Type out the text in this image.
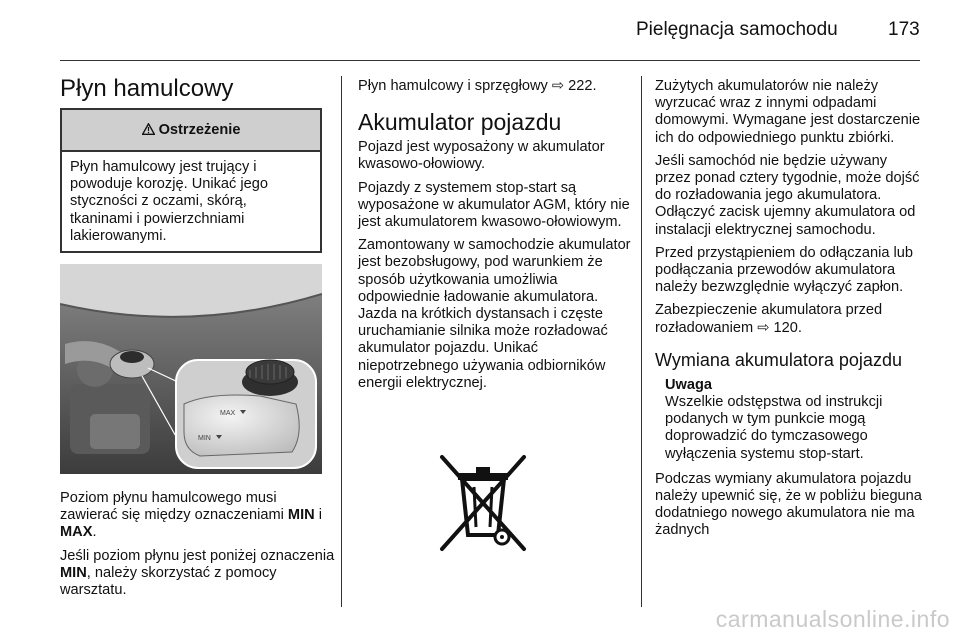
Pielęgnacja samochodu	173
Płyn hamulcowy
Ostrzeżenie
Płyn hamulcowy jest trujący i powoduje korozję. Unikać jego styczności z oczami, skórą, tkaninami i powierzchniami lakierowanymi.
MAX
MIN

Poziom płynu hamulcowego musi zawierać się między oznaczeniami MIN i MAX.

Jeśli poziom płynu jest poniżej oznaczenia MIN, należy skorzystać z pomocy warsztatu.

Płyn hamulcowy i sprzęgłowy ⇨ 222.

Akumulator pojazdu

Pojazd jest wyposażony w akumulator kwasowo-ołowiowy.

Pojazdy z systemem stop-start są wyposażone w akumulator AGM, który nie jest akumulatorem kwasowo-ołowiowym.

Zamontowany w samochodzie akumulator jest bezobsługowy, pod warunkiem że sposób użytkowania umożliwia odpowiednie ładowanie akumulatora. Jazda na krótkich dystansach i częste uruchamianie silnika może rozładować akumulator pojazdu. Unikać niepotrzebnego używania odbiorników energii elektrycznej.

Zużytych akumulatorów nie należy wyrzucać wraz z innymi odpadami domowymi. Wymagane jest dostarczenie ich do odpowiedniego punktu zbiórki.

Jeśli samochód nie będzie używany przez ponad cztery tygodnie, może dojść do rozładowania jego akumulatora. Odłączyć zacisk ujemny akumulatora od instalacji elektrycznej samochodu.

Przed przystąpieniem do odłączania lub podłączania przewodów akumulatora należy bezwzględnie wyłączyć zapłon.

Zabezpieczenie akumulatora przed rozładowaniem ⇨ 120.

Wymiana akumulatora pojazdu
Uwaga
Wszelkie odstępstwa od instrukcji podanych w tym punkcie mogą doprowadzić do tymczasowego wyłączenia systemu stop-start.

Podczas wymiany akumulatora pojazdu należy upewnić się, że w pobliżu bieguna dodatniego nowego akumulatora nie ma żadnych

carmanualsonline.info
